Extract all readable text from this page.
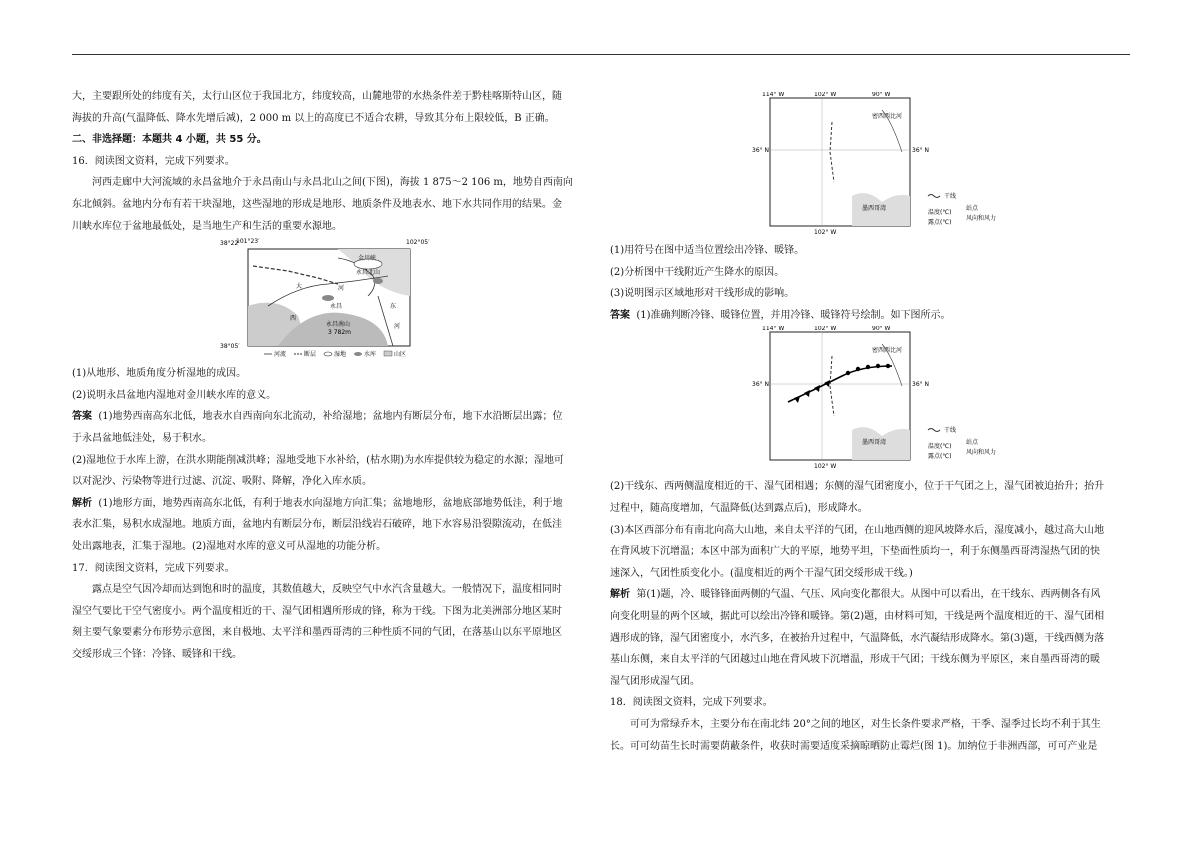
大，主要跟所处的纬度有关，太行山区位于我国北方，纬度较高，山麓地带的水热条件差于黔桂喀斯特山区，随

海拔的升高(气温降低、降水先增后减)，2 000 m 以上的高度已不适合农耕，导致其分布上限较低，B 正确。

二、非选择题：本题共 4 小题，共 55 分。

16．阅读图文资料，完成下列要求。

河西走廊中大河流域的永昌盆地介于永昌南山与永昌北山之间(下图)，海拔 1 875～2 106 m，地势自西南向

东北倾斜。盆地内分布有若干块湿地，这些湿地的形成是地形、地质条件及地表水、地下水共同作用的结果。金

川峡水库位于盆地最低处，是当地生产和生活的重要水源地。

(1)从地形、地质角度分析湿地的成因。

(2)说明永昌盆地内湿地对金川峡水库的意义。

答案 (1)地势西南高东北低，地表水自西南向东北流动，补给湿地；盆地内有断层分布，地下水沿断层出露；位

于永昌盆地低洼处，易于积水。

(2)湿地位于水库上游，在洪水期能削减洪峰；湿地受地下水补给，(枯水期)为水库提供较为稳定的水源；湿地可

以对泥沙、污染物等进行过滤、沉淀、吸附、降解，净化入库水质。

解析 (1)地形方面，地势西南高东北低，有利于地表水向湿地方向汇集；盆地地形，盆地底部地势低洼，利于地

表水汇集，易积水成湿地。地质方面，盆地内有断层分布，断层沿线岩石破碎，地下水容易沿裂隙流动，在低洼

处出露地表，汇集于湿地。(2)湿地对水库的意义可从湿地的功能分析。

17．阅读图文资料，完成下列要求。

露点是空气因冷却而达到饱和时的温度，其数值越大，反映空气中水汽含量越大。一般情况下，温度相同时

湿空气要比干空气密度小。两个温度相近的干、湿气团相遇所形成的锋，称为干线。下图为北美洲部分地区某时

刻主要气象要素分布形势示意图，来自极地、太平洋和墨西哥湾的三种性质不同的气团，在落基山以东平原地区

交绥形成三个锋：冷锋、暖锋和干线。

38°22′
101°23′	102°05′
38°05′
大	河
永昌
金川峡
永昌北山
永昌南山
3 782m
西
东
河
河流	断层	湿地	水库	山区
114° W	102° W	90° W
36° N	36° N
102° W
墨西哥湾
密西西比河
干线
温度(℃)
露点(℃)
站点
风向和风力

(1)用符号在图中适当位置绘出冷锋、暖锋。

(2)分析图中干线附近产生降水的原因。

(3)说明图示区域地形对干线形成的影响。

答案 (1)准确判断冷锋、暖锋位置，并用冷锋、暖锋符号绘制。如下图所示。

(2)干线东、西两侧温度相近的干、湿气团相遇；东侧的湿气团密度小，位于干气团之上，湿气团被迫抬升；抬升

过程中，随高度增加，气温降低(达到露点后)，形成降水。

(3)本区西部分布有南北向高大山地，来自太平洋的气团，在山地西侧的迎风坡降水后，湿度减小，越过高大山地

在背风坡下沉增温；本区中部为面积广大的平原，地势平坦，下垫面性质均一，利于东侧墨西哥湾湿热气团的快

速深入，气团性质变化小。(温度相近的两个干湿气团交绥形成干线。)

解析 第(1)题，冷、暖锋锋面两侧的气温、气压、风向变化都很大。从图中可以看出，在干线东、西两侧各有风

向变化明显的两个区域，据此可以绘出冷锋和暖锋。第(2)题，由材料可知，干线是两个温度相近的干、湿气团相

遇形成的锋，湿气团密度小，水汽多，在被抬升过程中，气温降低，水汽凝结形成降水。第(3)题，干线西侧为落

基山东侧，来自太平洋的气团越过山地在背风坡下沉增温，形成干气团；干线东侧为平原区，来自墨西哥湾的暖

湿气团形成湿气团。

18．阅读图文资料，完成下列要求。

可可为常绿乔木，主要分布在南北纬 20°之间的地区，对生长条件要求严格，干季、湿季过长均不利于其生

长。可可幼苗生长时需要荫蔽条件，收获时需要适度采摘晾晒防止霉烂(图 1)。加纳位于非洲西部，可可产业是

114° W	102° W	90° W
36° N	36° N
102° W
墨西哥湾
密西西比河
干线
温度(℃)
露点(℃)
站点
风向和风力
